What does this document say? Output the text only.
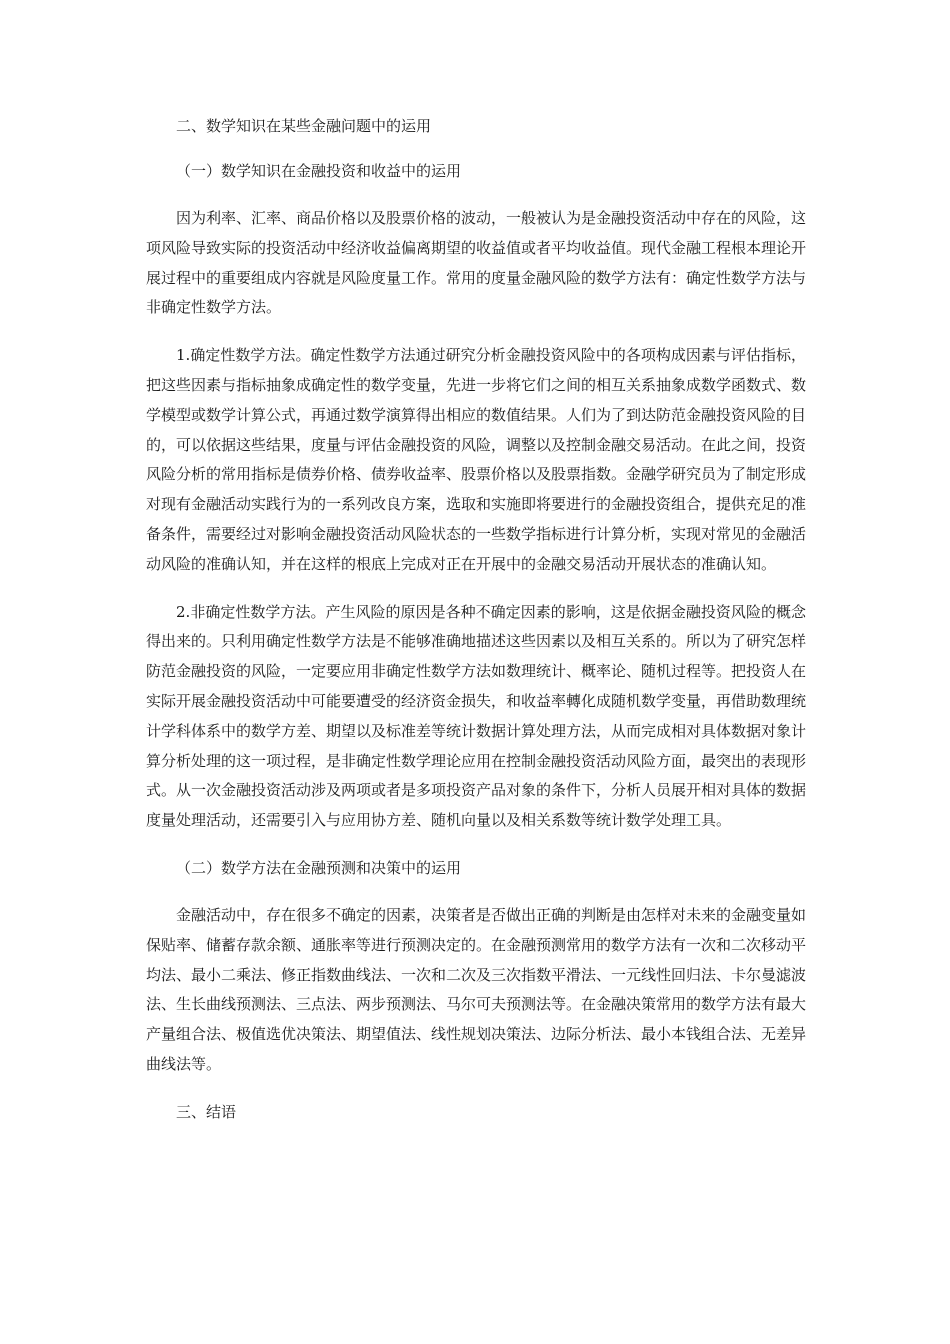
二、数学知识在某些金融问题中的运用

（一）数学知识在金融投资和收益中的运用

因为利率、汇率、商品价格以及股票价格的波动，一般被认为是金融投资活动中存在的风险，这项风险导致实际的投资活动中经济收益偏离期望的收益值或者平均收益值。现代金融工程根本理论开展过程中的重要组成内容就是风险度量工作。常用的度量金融风险的数学方法有：确定性数学方法与非确定性数学方法。

1.确定性数学方法。确定性数学方法通过研究分析金融投资风险中的各项构成因素与评估指标，把这些因素与指标抽象成确定性的数学变量，先进一步将它们之间的相互关系抽象成数学函数式、数学模型或数学计算公式，再通过数学演算得出相应的数值结果。人们为了到达防范金融投资风险的目的，可以依据这些结果，度量与评估金融投资的风险，调整以及控制金融交易活动。在此之间，投资风险分析的常用指标是债券价格、债券收益率、股票价格以及股票指数。金融学研究员为了制定形成对现有金融活动实践行为的一系列改良方案，选取和实施即将要进行的金融投资组合，提供充足的准备条件，需要经过对影响金融投资活动风险状态的一些数学指标进行计算分析，实现对常见的金融活动风险的准确认知，并在这样的根底上完成对正在开展中的金融交易活动开展状态的准确认知。

2.非确定性数学方法。产生风险的原因是各种不确定因素的影响，这是依据金融投资风险的概念得出来的。只利用确定性数学方法是不能够准确地描述这些因素以及相互关系的。所以为了研究怎样防范金融投资的风险，一定要应用非确定性数学方法如数理统计、概率论、随机过程等。把投资人在实际开展金融投资活动中可能要遭受的经济资金损失，和收益率轉化成随机数学变量，再借助数理统计学科体系中的数学方差、期望以及标准差等统计数据计算处理方法，从而完成相对具体数据对象计算分析处理的这一项过程，是非确定性数学理论应用在控制金融投资活动风险方面，最突出的表现形式。从一次金融投资活动涉及两项或者是多项投资产品对象的条件下，分析人员展开相对具体的数据度量处理活动，还需要引入与应用协方差、随机向量以及相关系数等统计数学处理工具。

（二）数学方法在金融预测和决策中的运用

金融活动中，存在很多不确定的因素，决策者是否做出正确的判断是由怎样对未来的金融变量如保贴率、储蓄存款余额、通胀率等进行预测决定的。在金融预测常用的数学方法有一次和二次移动平均法、最小二乘法、修正指数曲线法、一次和二次及三次指数平滑法、一元线性回归法、卡尔曼滤波法、生长曲线预测法、三点法、两步预测法、马尔可夫预测法等。在金融决策常用的数学方法有最大产量组合法、极值选优决策法、期望值法、线性规划决策法、边际分析法、最小本钱组合法、无差异曲线法等。

三、结语
